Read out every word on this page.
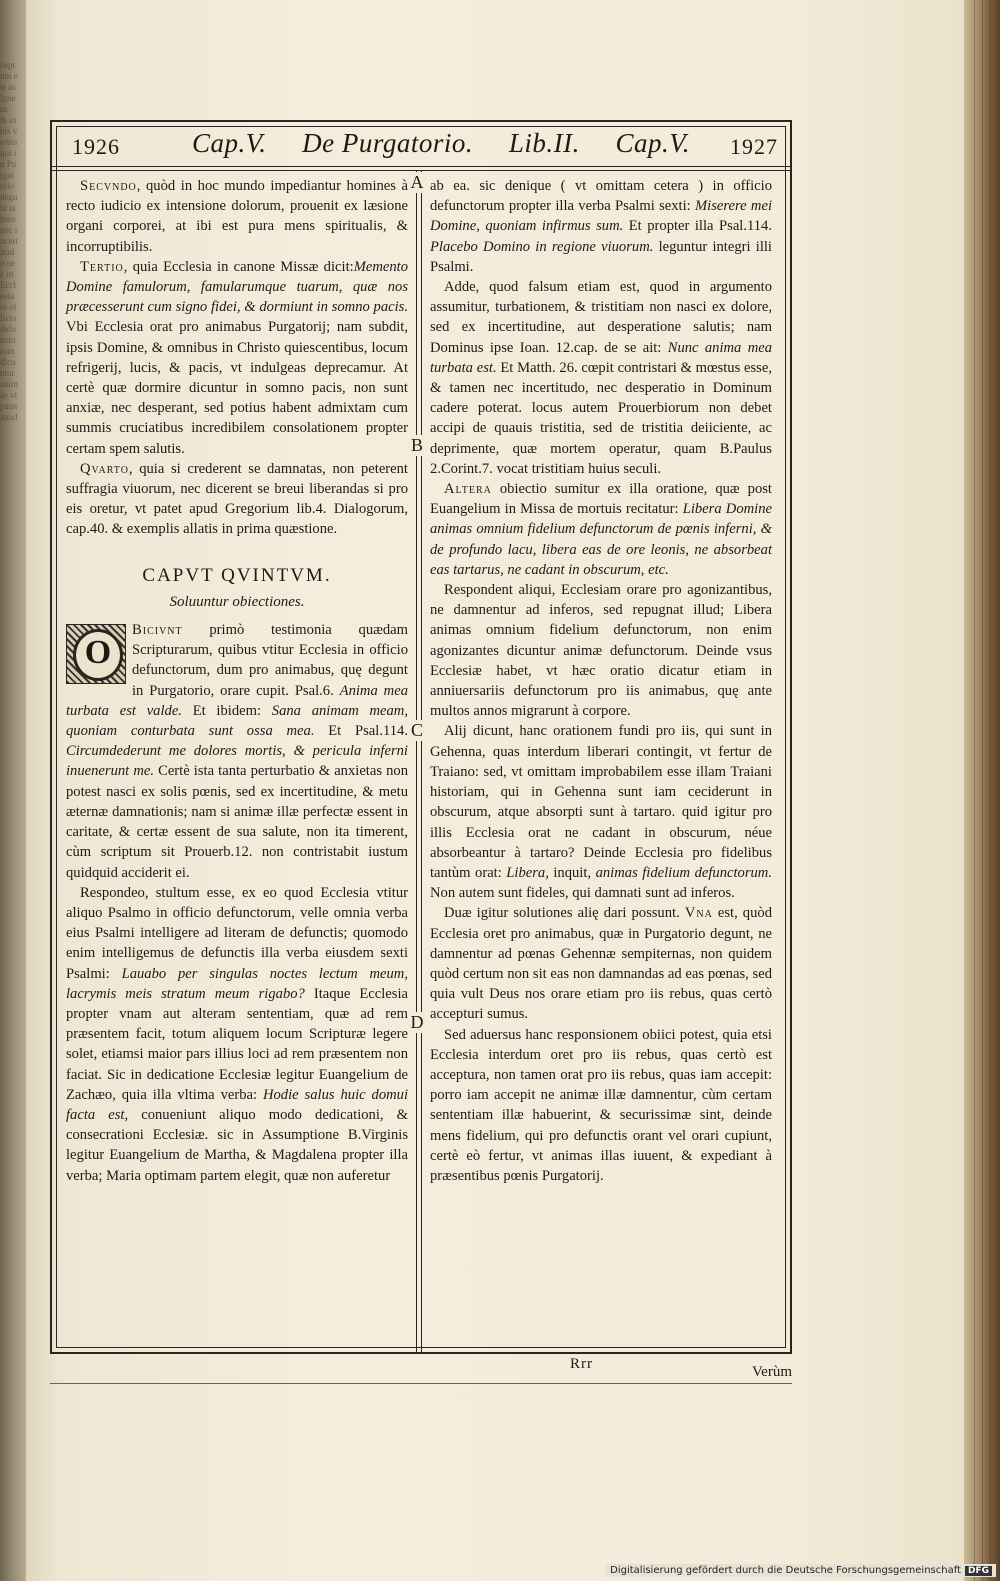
ceptum est in ignem. & in his verbis qui in Purgatorio degunt tamen nec incertitudo nec in Ecclesia in officio defunctorum dicuntur animae vt patet apud
1926	Cap.V. De Purgatorio. Lib.II. Cap.V. 1927
A
B
C
D

Secvndo, quòd in hoc mundo impediantur homines à recto iudicio ex intensione dolorum, prouenit ex læsione organi corporei, at ibi est pura mens spiritualis, & incorruptibilis.

Tertio, quia Ecclesia in canone Missæ dicit:Memento Domine famulorum, famularumque tuarum, quæ nos præcesserunt cum signo fidei, & dormiunt in somno pacis. Vbi Ecclesia orat pro animabus Purgatorij; nam subdit, ipsis Domine, & omnibus in Christo quiescentibus, locum refrigerij, lucis, & pacis, vt indulgeas deprecamur. At certè quæ dormire dicuntur in somno pacis, non sunt anxiæ, nec desperant, sed potius habent admixtam cum summis cruciatibus incredibilem consolationem propter certam spem salutis.

Qvarto, quia si crederent se damnatas, non peterent suffragia viuorum, nec dicerent se breui liberandas si pro eis oretur, vt patet apud Gregorium lib.4. Dialogorum, cap.40. & exemplis allatis in prima quæstione.

CAPVT QVINTVM.
Soluuntur obiectiones.

O
Bicivnt primò testimonia quædam Scripturarum, quibus vtitur Ecclesia in officio defunctorum, dum pro animabus, quę degunt in Purgatorio, orare cupit. Psal.6. Anima mea turbata est valde. Et ibidem: Sana animam meam, quoniam conturbata sunt ossa mea. Et Psal.114. Circumdederunt me dolores mortis, & pericula inferni inuenerunt me. Certè ista tanta perturbatio & anxietas non potest nasci ex solis pœnis, sed ex incertitudine, & metu æternæ damnationis; nam si animæ illæ perfectæ essent in caritate, & certæ essent de sua salute, non ita timerent, cùm scriptum sit Prouerb.12. non contristabit iustum quidquid acciderit ei.

Respondeo, stultum esse, ex eo quod Ecclesia vtitur aliquo Psalmo in officio defunctorum, velle omnia verba eius Psalmi intelligere ad literam de defunctis; quomodo enim intelligemus de defunctis illa verba eiusdem sexti Psalmi: Lauabo per singulas noctes lectum meum, lacrymis meis stratum meum rigabo? Itaque Ecclesia propter vnam aut alteram sententiam, quæ ad rem præsentem facit, totum aliquem locum Scripturæ legere solet, etiamsi maior pars illius loci ad rem præsentem non faciat. Sic in dedicatione Ecclesiæ legitur Euangelium de Zachæo, quia illa vltima verba: Hodie salus huic domui facta est, conueniunt aliquo modo dedicationi, & consecrationi Ecclesiæ. sic in Assumptione B.Virginis legitur Euangelium de Martha, & Magdalena propter illa verba; Maria optimam partem elegit, quæ non auferetur

ab ea. sic denique ( vt omittam cetera ) in officio defunctorum propter illa verba Psalmi sexti: Miserere mei Domine, quoniam infirmus sum. Et propter illa Psal.114. Placebo Domino in regione viuorum. leguntur integri illi Psalmi.

Adde, quod falsum etiam est, quod in argumento assumitur, turbationem, & tristitiam non nasci ex dolore, sed ex incertitudine, aut desperatione salutis; nam Dominus ipse Ioan. 12.cap. de se ait: Nunc anima mea turbata est. Et Matth. 26. cœpit contristari & mœstus esse, & tamen nec incertitudo, nec desperatio in Dominum cadere poterat. locus autem Prouerbiorum non debet accipi de quauis tristitia, sed de tristitia deiiciente, ac deprimente, quæ mortem operatur, quam B.Paulus 2.Corint.7. vocat tristitiam huius seculi.

Altera obiectio sumitur ex illa oratione, quæ post Euangelium in Missa de mortuis recitatur: Libera Domine animas omnium fidelium defunctorum de pœnis inferni, & de profundo lacu, libera eas de ore leonis, ne absorbeat eas tartarus, ne cadant in obscurum, etc.

Respondent aliqui, Ecclesiam orare pro agonizantibus, ne damnentur ad inferos, sed repugnat illud; Libera animas omnium fidelium defunctorum, non enim agonizantes dicuntur animæ defunctorum. Deinde vsus Ecclesiæ habet, vt hæc oratio dicatur etiam in anniuersariis defunctorum pro iis animabus, quę ante multos annos migrarunt à corpore.

Alij dicunt, hanc orationem fundi pro iis, qui sunt in Gehenna, quas interdum liberari contingit, vt fertur de Traiano: sed, vt omittam improbabilem esse illam Traiani historiam, qui in Gehenna sunt iam ceciderunt in obscurum, atque absorpti sunt à tartaro. quid igitur pro illis Ecclesia orat ne cadant in obscurum, néue absorbeantur à tartaro? Deinde Ecclesia pro fidelibus tantùm orat: Libera, inquit, animas fidelium defunctorum. Non autem sunt fideles, qui damnati sunt ad inferos.

Duæ igitur solutiones alię dari possunt. Vna est, quòd Ecclesia oret pro animabus, quæ in Purgatorio degunt, ne damnentur ad pœnas Gehennæ sempiternas, non quidem quòd certum non sit eas non damnandas ad eas pœnas, sed quia vult Deus nos orare etiam pro iis rebus, quas certò accepturi sumus.

Sed aduersus hanc responsionem obiici potest, quia etsi Ecclesia interdum oret pro iis rebus, quas certò est acceptura, non tamen orat pro iis rebus, quas iam accepit: porro iam accepit ne animæ illæ damnentur, cùm certam sententiam illæ habuerint, & securissimæ sint, deinde mens fidelium, qui pro defunctis orant vel orari cupiunt, certè eò fertur, vt animas illas iuuent, & expediant à præsentibus pœnis Purgatorij.

Rrr	Verùm
Digitalisierung gefördert durch die Deutsche Forschungsgemeinschaft DFG
